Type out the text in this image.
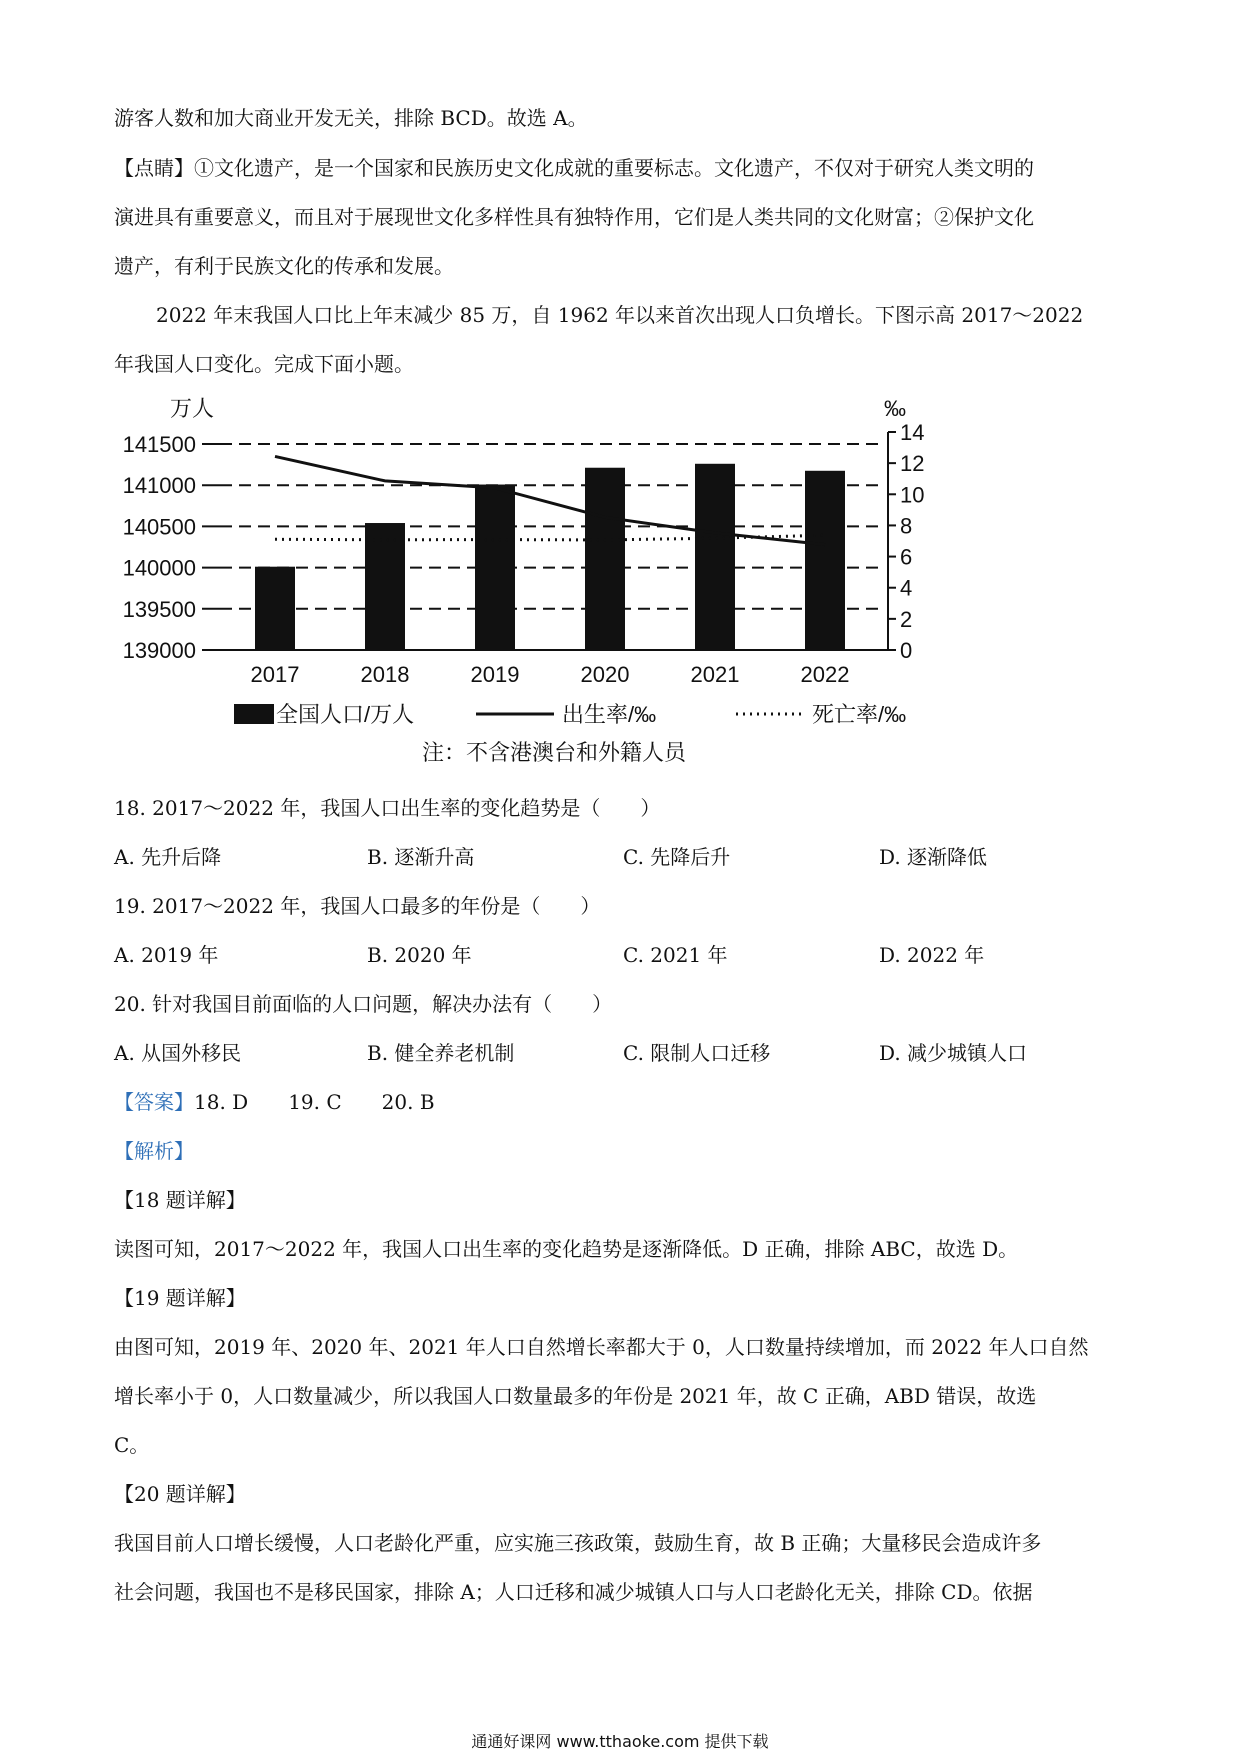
游客人数和加大商业开发无关，排除 BCD。故选 A。
【点睛】①文化遗产，是一个国家和民族历史文化成就的重要标志。文化遗产，不仅对于研究人类文明的
演进具有重要意义，而且对于展现世文化多样性具有独特作用，它们是人类共同的文化财富；②保护文化
遗产，有利于民族文化的传承和发展。
2022 年末我国人口比上年末减少 85 万，自 1962 年以来首次出现人口负增长。下图示高 2017～2022
年我国人口变化。完成下面小题。
139000
139500
140000
140500
141000
141500
万人
0
2
4
6
8
10
12
14
‰
2017	2018	2019	2020	2021	2022
全国人口/万人	出生率/‰	死亡率/‰
注：不含港澳台和外籍人员
18. 2017～2022 年，我国人口出生率的变化趋势是（　　）
A. 先升后降	B. 逐渐升高	C. 先降后升	D. 逐渐降低
19. 2017～2022 年，我国人口最多的年份是（　　）
A. 2019 年	B. 2020 年	C. 2021 年	D. 2022 年
20. 针对我国目前面临的人口问题，解决办法有（　　）
A. 从国外移民	B. 健全养老机制	C. 限制人口迁移	D. 减少城镇人口
【答案】18. D　　19. C　　20. B
【解析】
【18 题详解】
读图可知，2017～2022 年，我国人口出生率的变化趋势是逐渐降低。D 正确，排除 ABC，故选 D。
【19 题详解】
由图可知，2019 年、2020 年、2021 年人口自然增长率都大于 0，人口数量持续增加，而 2022 年人口自然
增长率小于 0，人口数量减少，所以我国人口数量最多的年份是 2021 年，故 C 正确，ABD 错误，故选
C。
【20 题详解】
我国目前人口增长缓慢，人口老龄化严重，应实施三孩政策，鼓励生育，故 B 正确；大量移民会造成许多
社会问题，我国也不是移民国家，排除 A；人口迁移和减少城镇人口与人口老龄化无关，排除 CD。依据
通通好课网 www.tthaoke.com 提供下载
